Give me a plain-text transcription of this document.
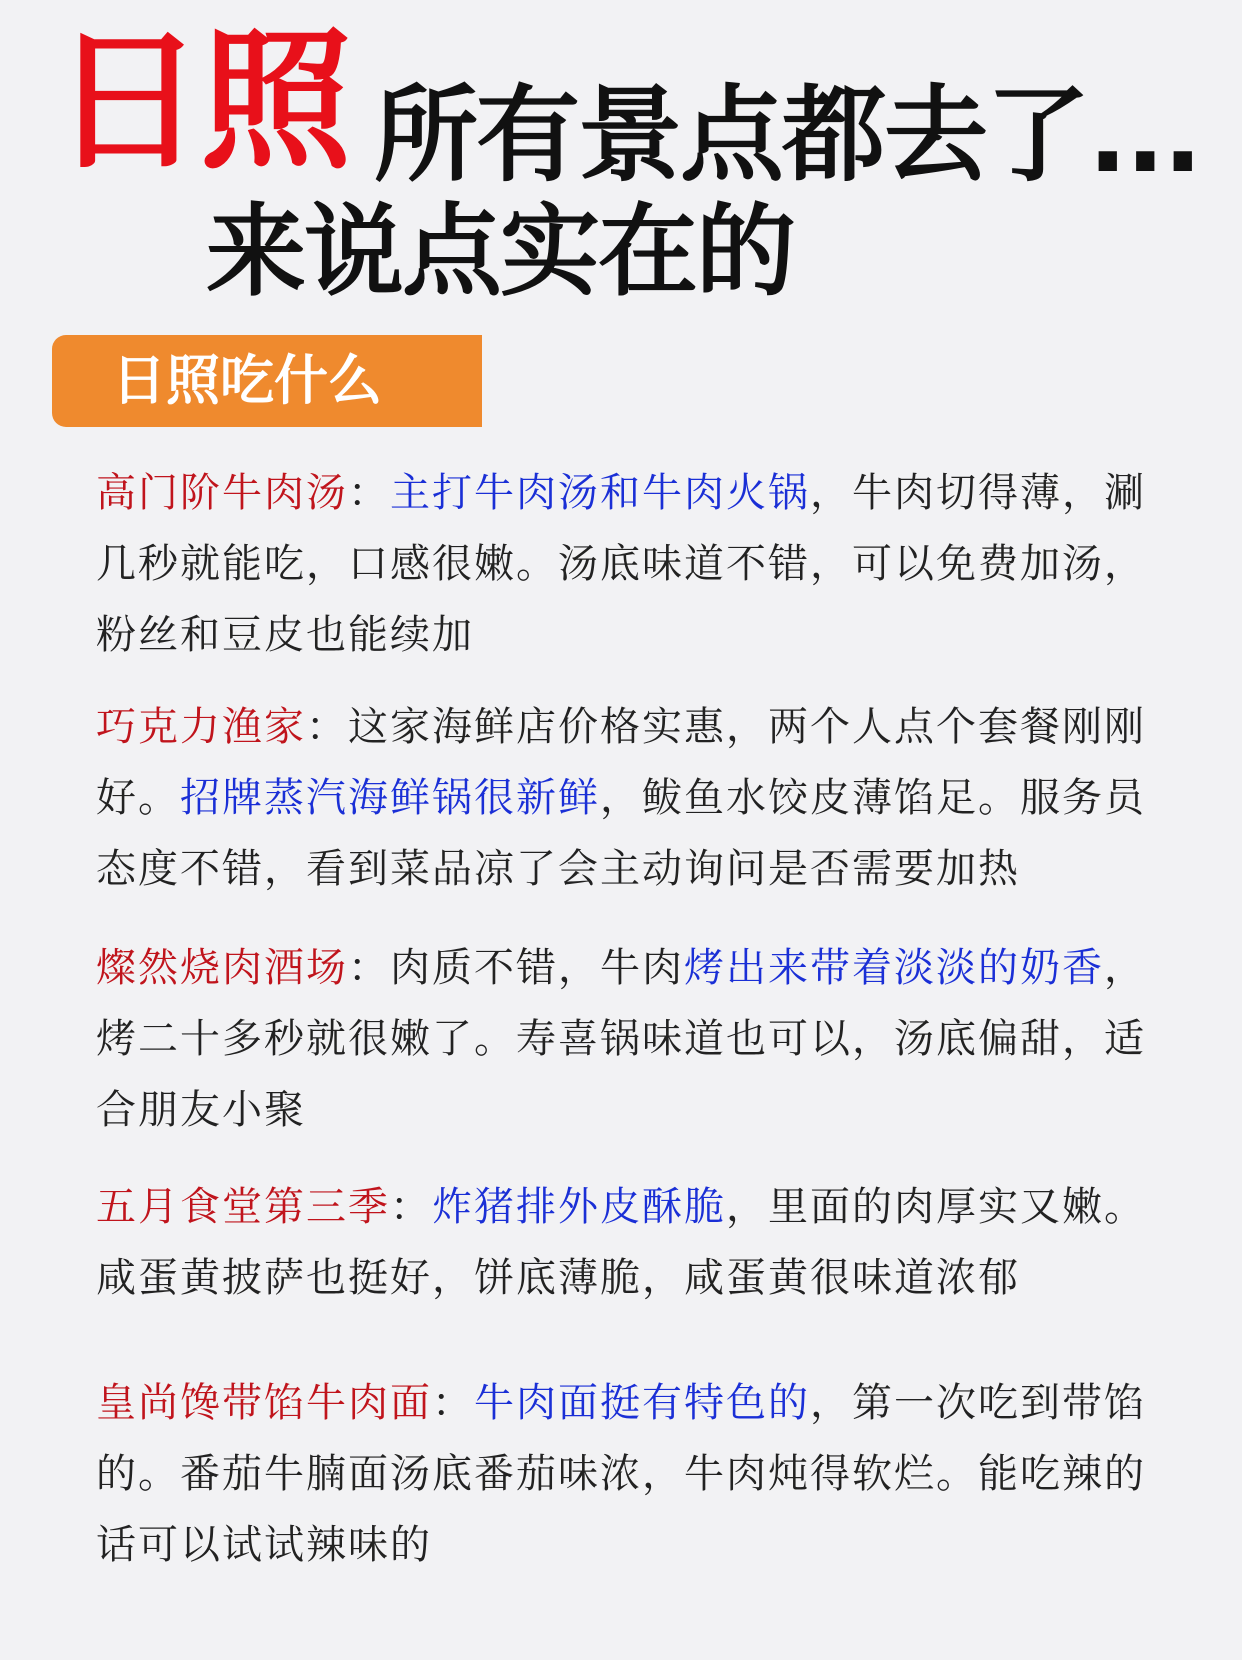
日照 所有景点都去了...
来说点实在的
日照吃什么
高门阶牛肉汤：主打牛肉汤和牛肉火锅，牛肉切得薄，涮几秒就能吃，口感很嫩。汤底味道不错，可以免费加汤，粉丝和豆皮也能续加
巧克力渔家：这家海鲜店价格实惠，两个人点个套餐刚刚好。招牌蒸汽海鲜锅很新鲜，鲅鱼水饺皮薄馅足。服务员态度不错，看到菜品凉了会主动询问是否需要加热
燦然烧肉酒场：肉质不错，牛肉烤出来带着淡淡的奶香，烤二十多秒就很嫩了。寿喜锅味道也可以，汤底偏甜，适合朋友小聚
五月食堂第三季：炸猪排外皮酥脆，里面的肉厚实又嫩。咸蛋黄披萨也挺好，饼底薄脆，咸蛋黄很味道浓郁
皇尚馋带馅牛肉面：牛肉面挺有特色的，第一次吃到带馅的。番茄牛腩面汤底番茄味浓，牛肉炖得软烂。能吃辣的话可以试试辣味的
